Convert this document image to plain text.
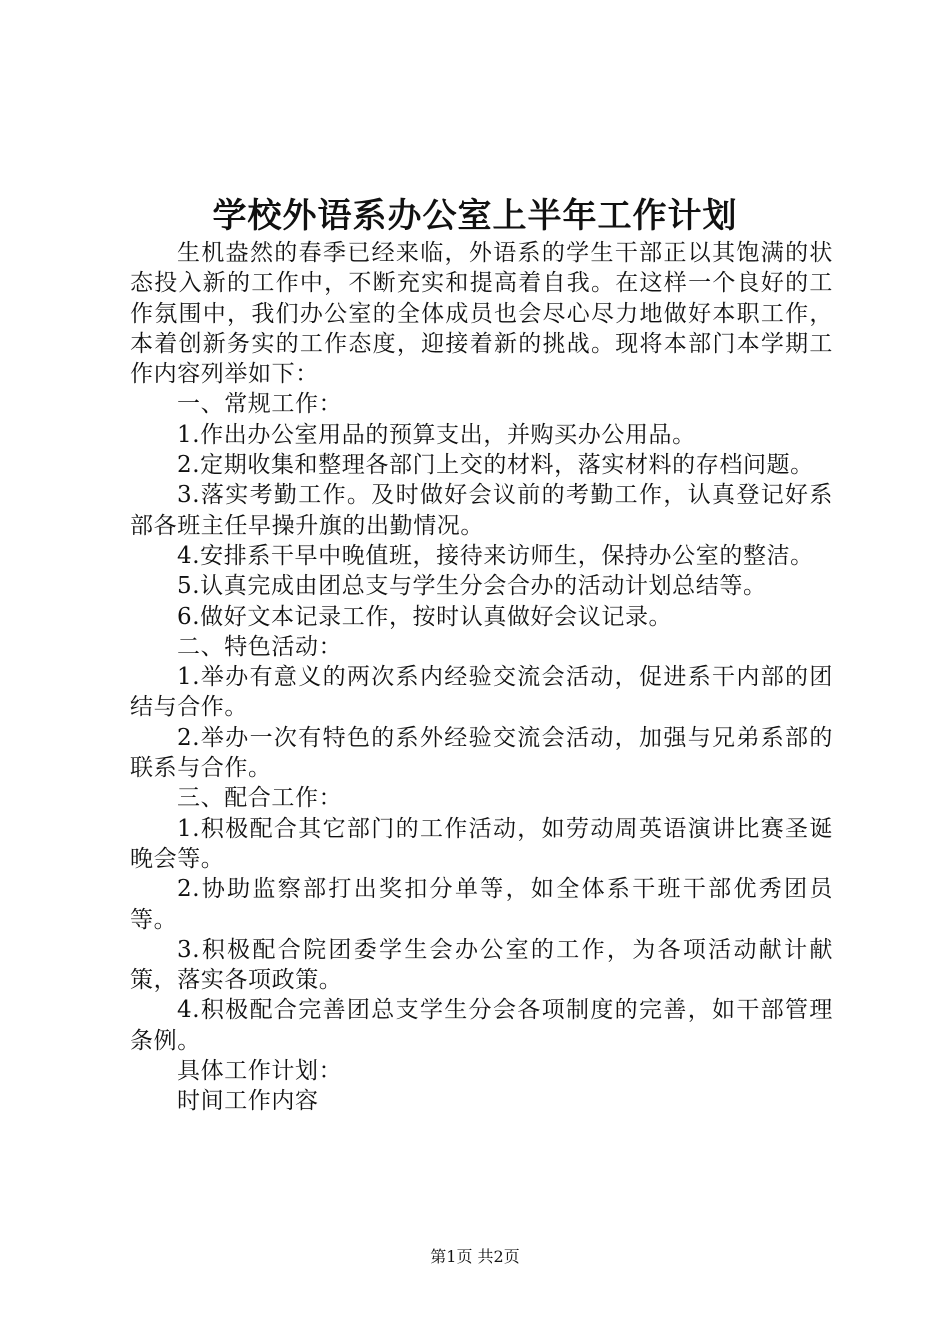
学校外语系办公室上半年工作计划

生机盎然的春季已经来临，外语系的学生干部正以其饱满的状态投入新的工作中，不断充实和提高着自我。在这样一个良好的工作氛围中，我们办公室的全体成员也会尽心尽力地做好本职工作，本着创新务实的工作态度，迎接着新的挑战。现将本部门本学期工作内容列举如下：

一、常规工作：

1.作出办公室用品的预算支出，并购买办公用品。

2.定期收集和整理各部门上交的材料，落实材料的存档问题。

3.落实考勤工作。及时做好会议前的考勤工作，认真登记好系部各班主任早操升旗的出勤情况。

4.安排系干早中晚值班，接待来访师生，保持办公室的整洁。

5.认真完成由团总支与学生分会合办的活动计划总结等。

6.做好文本记录工作，按时认真做好会议记录。

二、特色活动：

1.举办有意义的两次系内经验交流会活动，促进系干内部的团结与合作。

2.举办一次有特色的系外经验交流会活动，加强与兄弟系部的联系与合作。

三、配合工作：

1.积极配合其它部门的工作活动，如劳动周英语演讲比赛圣诞晚会等。

2.协助监察部打出奖扣分单等，如全体系干班干部优秀团员等。

3.积极配合院团委学生会办公室的工作，为各项活动献计献策，落实各项政策。

4.积极配合完善团总支学生分会各项制度的完善，如干部管理条例。

具体工作计划：

时间工作内容

第1页 共2页
